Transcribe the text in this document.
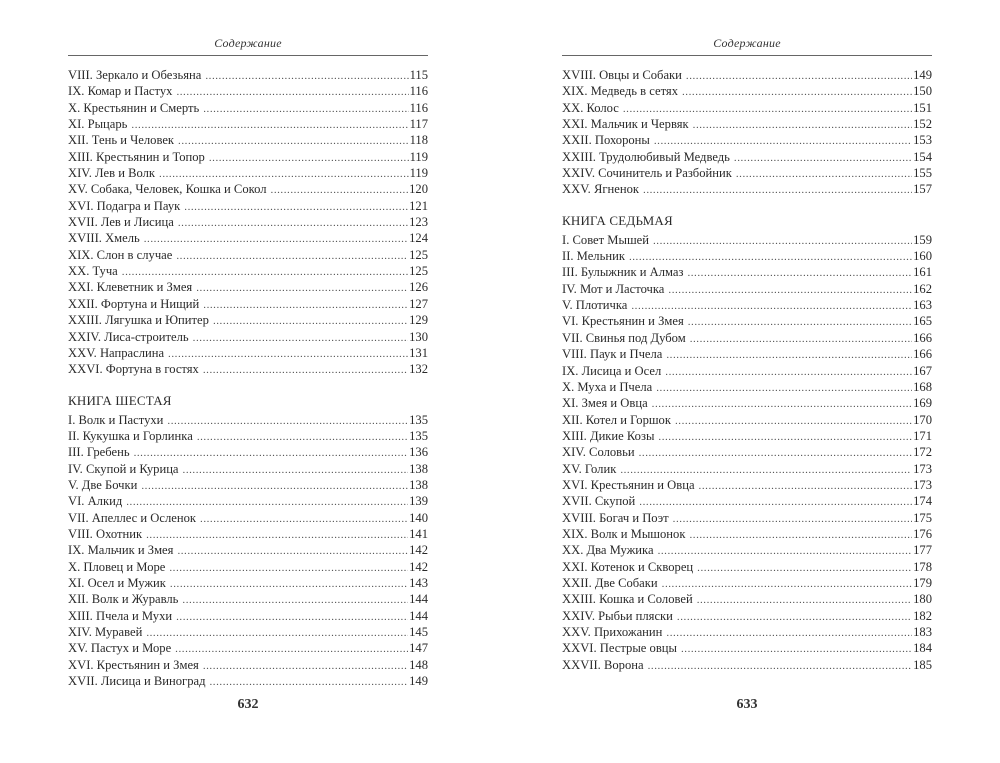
Содержание
VIII. Зеркало и Обезьяна . . .	115
IX. Комар и Пастух . . .	116
X. Крестьянин и Смерть . . .	116
XI. Рыцарь . . .	117
XII. Тень и Человек . . .	118
XIII. Крестьянин и Топор . . .	119
XIV. Лев и Волк . . .	119
XV. Собака, Человек, Кошка и Сокол . . .	120
XVI. Подагра и Паук . . .	121
XVII. Лев и Лисица . . .	123
XVIII. Хмель . . .	124
XIX. Слон в случае . . .	125
XX. Туча . . .	125
XXI. Клеветник и Змея . . .	126
XXII. Фортуна и Нищий . . .	127
XXIII. Лягушка и Юпитер . . .	129
XXIV. Лиса-строитель . . .	130
XXV. Напраслина . . .	131
XXVI. Фортуна в гостях . . .	132
КНИГА ШЕСТАЯ
I. Волк и Пастухи . . .	135
II. Кукушка и Горлинка . . .	135
III. Гребень . . .	136
IV. Скупой и Курица . . .	138
V. Две Бочки . . .	138
VI. Алкид . . .	139
VII. Апеллес и Осленок . . .	140
VIII. Охотник . . .	141
IX. Мальчик и Змея . . .	142
X. Пловец и Море . . .	142
XI. Осел и Мужик . . .	143
XII. Волк и Журавль . . .	144
XIII. Пчела и Мухи . . .	144
XIV. Муравей . . .	145
XV. Пастух и Море . . .	147
XVI. Крестьянин и Змея . . .	148
XVII. Лисица и Виноград . . .	149
632
Содержание
XVIII. Овцы и Собаки . . .	149
XIX. Медведь в сетях . . .	150
XX. Колос . . .	151
XXI. Мальчик и Червяк . . .	152
XXII. Похороны . . .	153
XXIII. Трудолюбивый Медведь . . .	154
XXIV. Сочинитель и Разбойник . . .	155
XXV. Ягненок . . .	157
КНИГА СЕДЬМАЯ
I. Совет Мышей . . .	159
II. Мельник . . .	160
III. Булыжник и Алмаз . . .	161
IV. Мот и Ласточка . . .	162
V. Плотичка . . .	163
VI. Крестьянин и Змея . . .	165
VII. Свинья под Дубом . . .	166
VIII. Паук и Пчела . . .	166
IX. Лисица и Осел . . .	167
X. Муха и Пчела . . .	168
XI. Змея и Овца . . .	169
XII. Котел и Горшок . . .	170
XIII. Дикие Козы . . .	171
XIV. Соловьи . . .	172
XV. Голик . . .	173
XVI. Крестьянин и Овца . . .	173
XVII. Скупой . . .	174
XVIII. Богач и Поэт . . .	175
XIX. Волк и Мышонок . . .	176
XX. Два Мужика . . .	177
XXI. Котенок и Скворец . . .	178
XXII. Две Собаки . . .	179
XXIII. Кошка и Соловей . . .	180
XXIV. Рыбьи пляски . . .	182
XXV. Прихожанин . . .	183
XXVI. Пестрые овцы . . .	184
XXVII. Ворона . . .	185
633
